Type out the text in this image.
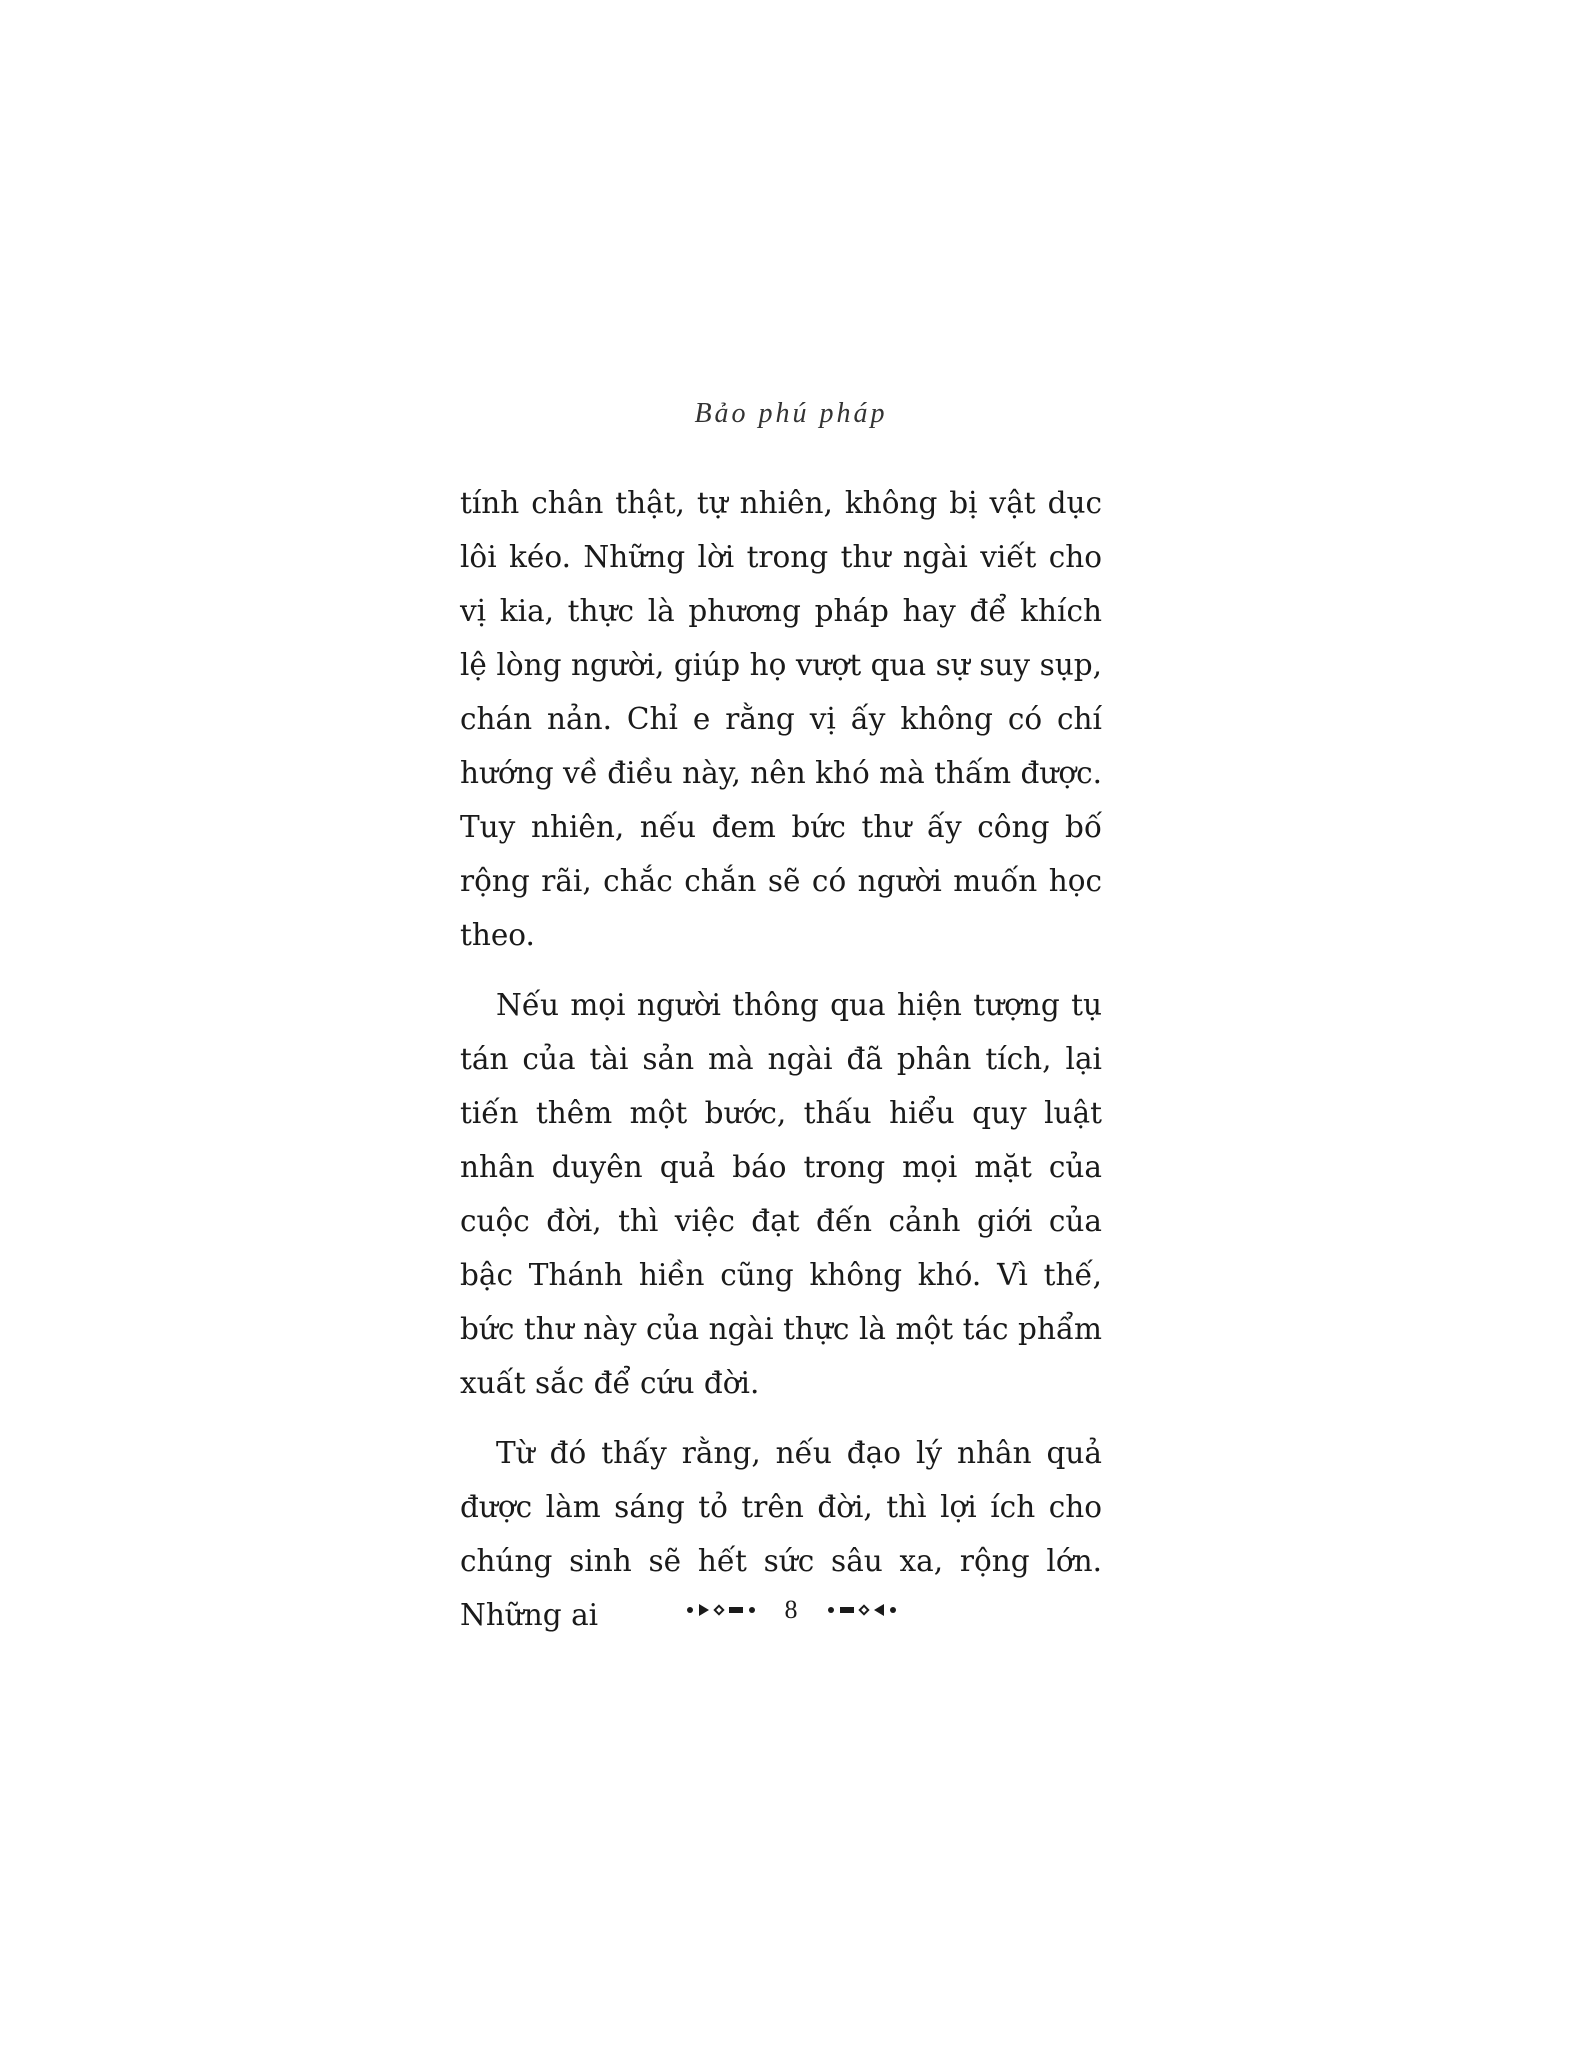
Bảo phú pháp

tính chân thật, tự nhiên, không bị vật dục lôi kéo. Những lời trong thư ngài viết cho vị kia, thực là phương pháp hay để khích lệ lòng người, giúp họ vượt qua sự suy sụp, chán nản. Chỉ e rằng vị ấy không có chí hướng về điều này, nên khó mà thấm được. Tuy nhiên, nếu đem bức thư ấy công bố rộng rãi, chắc chắn sẽ có người muốn học theo.

Nếu mọi người thông qua hiện tượng tụ tán của tài sản mà ngài đã phân tích, lại tiến thêm một bước, thấu hiểu quy luật nhân duyên quả báo trong mọi mặt của cuộc đời, thì việc đạt đến cảnh giới của bậc Thánh hiền cũng không khó. Vì thế, bức thư này của ngài thực là một tác phẩm xuất sắc để cứu đời.

Từ đó thấy rằng, nếu đạo lý nhân quả được làm sáng tỏ trên đời, thì lợi ích cho chúng sinh sẽ hết sức sâu xa, rộng lớn. Những ai	8
